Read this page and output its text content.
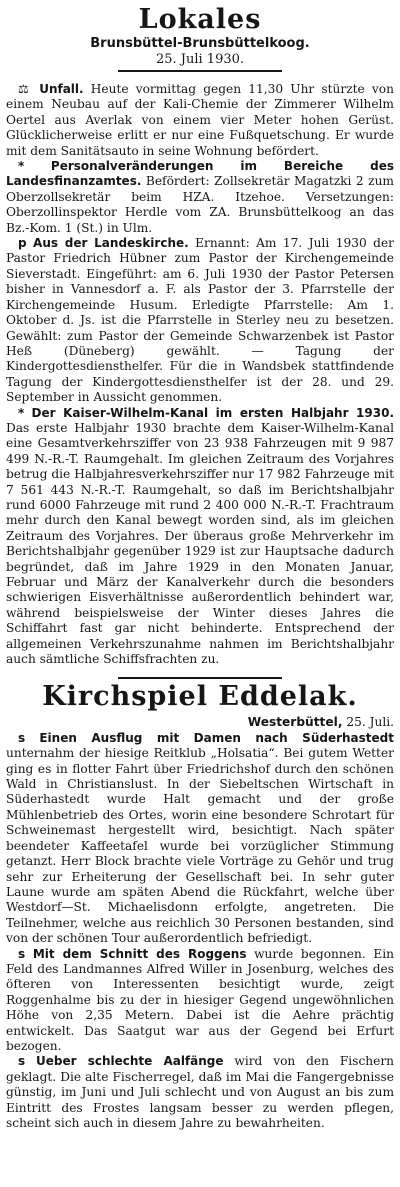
Lokales
Brunsbüttel-Brunsbüttelkoog.
25. Juli 1930.

⚖ Unfall. Heute vormittag gegen 11,30 Uhr stürzte von einem Neubau auf der Kali-Chemie der Zimmerer Wilhelm Oertel aus Averlak von einem vier Meter hohen Gerüst. Glücklicherweise erlitt er nur eine Fußquetschung. Er wurde mit dem Sanitätsauto in seine Wohnung befördert.

* Personalveränderungen im Bereiche des Landesfinanzamtes. Befördert: Zollsekretär Magatzki 2 zum Oberzollsekretär beim HZA. Itzehoe. Versetzungen: Oberzollinspektor Herdle vom ZA. Brunsbüttelkoog an das Bz.-Kom. 1 (St.) in Ulm.

p Aus der Landeskirche. Ernannt: Am 17. Juli 1930 der Pastor Friedrich Hübner zum Pastor der Kirchengemeinde Sieverstadt. Eingeführt: am 6. Juli 1930 der Pastor Petersen bisher in Vannesdorf a. F. als Pastor der 3. Pfarrstelle der Kirchengemeinde Husum. Erledigte Pfarrstelle: Am 1. Oktober d. Js. ist die Pfarrstelle in Sterley neu zu besetzen. Gewählt: zum Pastor der Gemeinde Schwarzenbek ist Pastor Heß (Düneberg) gewählt. — Tagung der Kindergottesdiensthelfer. Für die in Wandsbek stattfindende Tagung der Kindergottesdiensthelfer ist der 28. und 29. September in Aussicht genommen.

* Der Kaiser-Wilhelm-Kanal im ersten Halbjahr 1930. Das erste Halbjahr 1930 brachte dem Kaiser-Wilhelm-Kanal eine Gesamtverkehrsziffer von 23 938 Fahrzeugen mit 9 987 499 N.-R.-T. Raumgehalt. Im gleichen Zeitraum des Vorjahres betrug die Halbjahresverkehrsziffer nur 17 982 Fahrzeuge mit 7 561 443 N.-R.-T. Raumgehalt, so daß im Berichtshalbjahr rund 6000 Fahrzeuge mit rund 2 400 000 N.-R.-T. Frachtraum mehr durch den Kanal bewegt worden sind, als im gleichen Zeitraum des Vorjahres. Der überaus große Mehrverkehr im Berichtshalbjahr gegenüber 1929 ist zur Hauptsache dadurch begründet, daß im Jahre 1929 in den Monaten Januar, Februar und März der Kanalverkehr durch die besonders schwierigen Eisverhältnisse außerordentlich behindert war, während beispielsweise der Winter dieses Jahres die Schiffahrt fast gar nicht behinderte. Entsprechend der allgemeinen Verkehrszunahme nahmen im Berichtshalbjahr auch sämtliche Schiffsfrachten zu.

Kirchspiel Eddelak.

Westerbüttel, 25. Juli.

s Einen Ausflug mit Damen nach Süderhastedt unternahm der hiesige Reitklub „Holsatia“. Bei gutem Wetter ging es in flotter Fahrt über Friedrichshof durch den schönen Wald in Christianslust. In der Siebeltschen Wirtschaft in Süderhastedt wurde Halt gemacht und der große Mühlenbetrieb des Ortes, worin eine besondere Schrotart für Schweinemast hergestellt wird, besichtigt. Nach später beendeter Kaffeetafel wurde bei vorzüglicher Stimmung getanzt. Herr Block brachte viele Vorträge zu Gehör und trug sehr zur Erheiterung der Gesellschaft bei. In sehr guter Laune wurde am späten Abend die Rückfahrt, welche über Westdorf—St. Michaelisdonn erfolgte, angetreten. Die Teilnehmer, welche aus reichlich 30 Personen bestanden, sind von der schönen Tour außerordentlich befriedigt.

s Mit dem Schnitt des Roggens wurde begonnen. Ein Feld des Landmannes Alfred Willer in Josenburg, welches des öfteren von Interessenten besichtigt wurde, zeigt Roggenhalme bis zu der in hiesiger Gegend ungewöhnlichen Höhe von 2,35 Metern. Dabei ist die Aehre prächtig entwickelt. Das Saatgut war aus der Gegend bei Erfurt bezogen.

s Ueber schlechte Aalfänge wird von den Fischern geklagt. Die alte Fischerregel, daß im Mai die Fangergebnisse günstig, im Juni und Juli schlecht und von August an bis zum Eintritt des Frostes langsam besser zu werden pflegen, scheint sich auch in diesem Jahre zu bewahrheiten.
